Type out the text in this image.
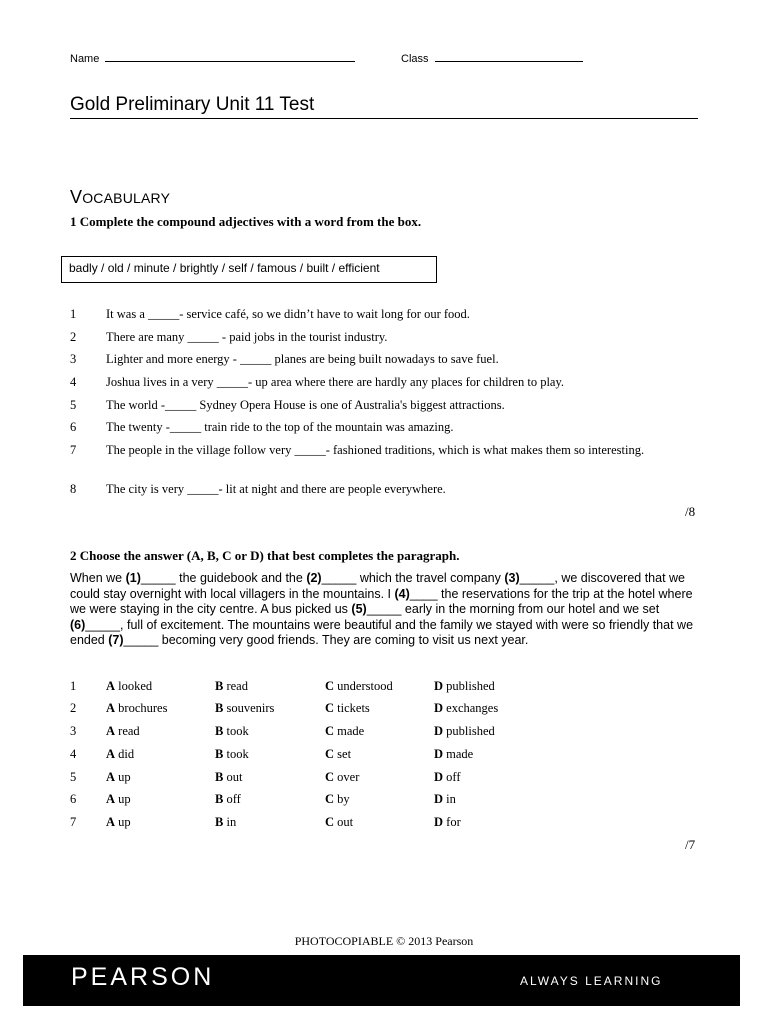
Name	Class
Gold Preliminary Unit 11 Test
VOCABULARY
1 Complete the compound adjectives with a word from the box.
badly / old / minute / brightly / self / famous / built / efficient
1 It was a _____- service café, so we didn’t have to wait long for our food.
2 There are many _____ - paid jobs in the tourist industry.
3 Lighter and more energy - _____ planes are being built nowadays to save fuel.
4 Joshua lives in a very _____- up area where there are hardly any places for children to play.
5 The world -_____ Sydney Opera House is one of Australia's biggest attractions.
6 The twenty -_____ train ride to the top of the mountain was amazing.
7 The people in the village follow very _____- fashioned traditions, which is what makes them so interesting.
8 The city is very _____- lit at night and there are people everywhere.
/8
2 Choose the answer (A, B, C or D) that best completes the paragraph.
When we (1)_____ the guidebook and the (2)_____ which the travel company (3)_____, we discovered that we could stay overnight with local villagers in the mountains. I (4)____ the reservations for the trip at the hotel where we were staying in the city centre. A bus picked us (5)_____ early in the morning from our hotel and we set (6)_____, full of excitement. The mountains were beautiful and the family we stayed with were so friendly that we ended (7)_____ becoming very good friends. They are coming to visit us next year.
1 A looked	B read	C understood	D published
2 A brochures	B souvenirs	C tickets	D exchanges
3 A read	B took	C made	D published
4 A did	B took	C set	D made
5 A up	B out	C over	D off
6 A up	B off	C by	D in
7 A up	B in	C out	D for
/7
PHOTOCOPIABLE © 2013 Pearson
PEARSON	ALWAYS LEARNING
